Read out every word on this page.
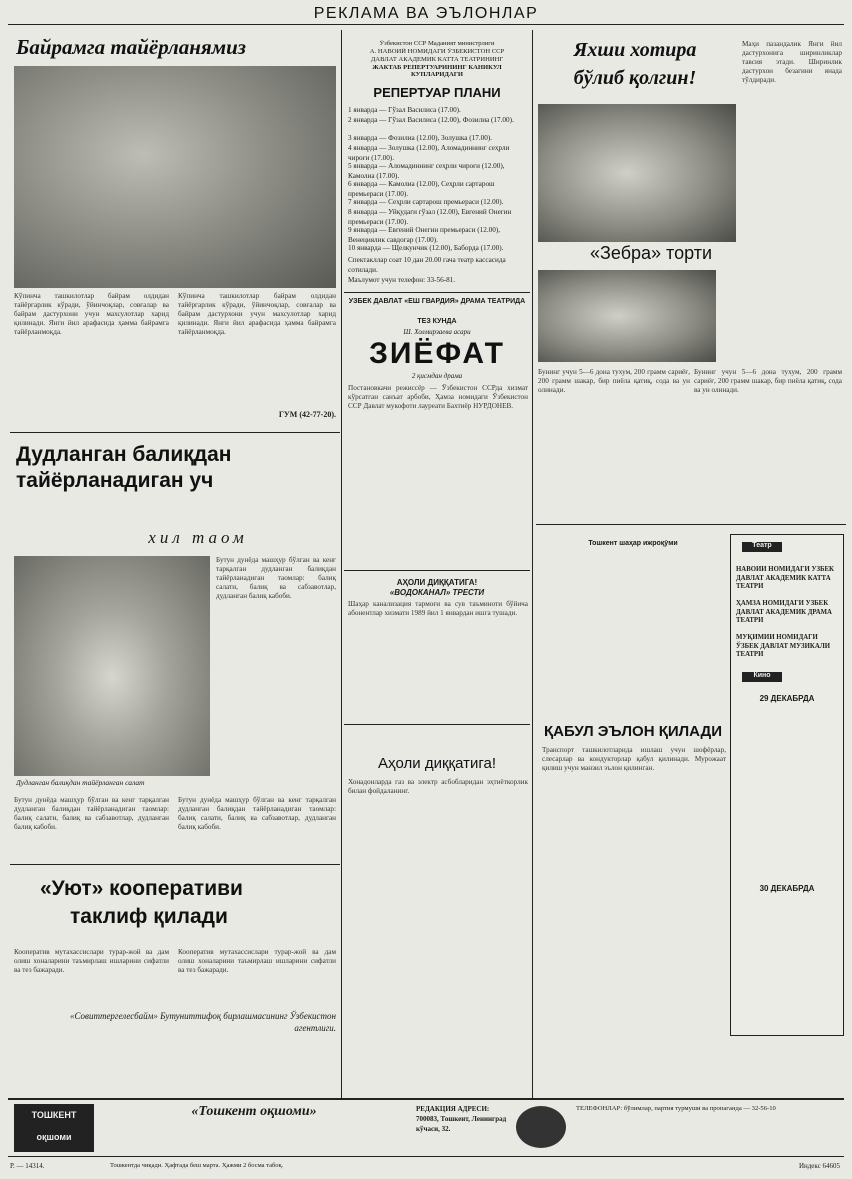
РЕКЛАМА ВА ЭЪЛОНЛАР
Байрамга тайёрланямиз
Кўпинча ташкилотлар байрам олдидан тайёргарлик кўради, ўйинчоқлар, совғалар ва байрам дастурхони учун махсулотлар харид қилинади. Янги йил арафасида ҳамма байрамга тайёрланмоқда.
Кўпинча ташкилотлар байрам олдидан тайёргарлик кўради, ўйинчоқлар, совғалар ва байрам дастурхони учун махсулотлар харид қилинади. Янги йил арафасида ҳамма байрамга тайёрланмоқда.
ГУМ (42-77-20).
Дудланган балиқдан
тайёрланадиган уч
хил таом
Бутун дунёда машҳур бўлган ва кенг тарқалган дудланган балиқдан тайёрланадиган таомлар: балиқ салати, балиқ ва сабзавотлар, дудланган балиқ кабоби.
Дудланган балиқдан тайёрланган салат
Бутун дунёда машҳур бўлган ва кенг тарқалган дудланган балиқдан тайёрланадиган таомлар: балиқ салати, балиқ ва сабзавотлар, дудланган балиқ кабоби.
Бутун дунёда машҳур бўлган ва кенг тарқалган дудланган балиқдан тайёрланадиган таомлар: балиқ салати, балиқ ва сабзавотлар, дудланган балиқ кабоби.
«Уют» кооперативи
таклиф қилади
Кооператив мутахассислари турар-жой ва дам олиш хоналарини таъмирлаш ишларини сифатли ва тез бажаради.
Кооператив мутахассислари турар-жой ва дам олиш хоналарини таъмирлаш ишларини сифатли ва тез бажаради.
«Совиттергелесбайм» Бутуниттифоқ бирлашмасининг Ўзбекистон агентлиги.
Ўзбекистон ССР Маданият министрлиги
А. НАВОИЙ НОМИДАГИ ЎЗБЕКИСТОН ССР
ДАВЛАТ АКАДЕМИК КАТТА ТЕАТРИНИНГ
ЖАКТАБ РЕПЕРТУАРИНИНГ КАНИКУЛ КУПЛАРИДАГИ
РЕПЕРТУАР ПЛАНИ
1 январда — Гўзал Василиса (17.00).
2 январда — Гўзал Василиса (12.00), Фозилиа (17.00).
3 январда — Фозилиа (12.00), Золушка (17.00).
4 январда — Золушка (12.00), Аломадиннинг сеҳрли чироғи (17.00).
5 январда — Аломадиннинг сеҳрли чироғи (12.00), Камолиа (17.00).
6 январда — Камолиа (12.00), Сеҳрли сартарош премьераси (17.00).
7 январда — Сеҳрли сартарош премьераси (12.00).
8 январда — Уйқудаги гўзал (12.00), Евгений Онегин премьераси (17.00).
9 январда — Евгений Онегин премьераси (12.00), Венециялик савдогар (17.00).
10 январда — Щелкунчик (12.00), Баборда (17.00).
Спектакллар соат 10 дан 20.00 гача театр кассасида сотилади.
Маълумот учун телефон: 33-56-81.
УЗБЕК ДАВЛАТ «ЁШ ГВАРДИЯ» ДРАМА ТЕАТРИДА
ТЕЗ КУНДА
Ш. Холмирзаева асари
ЗИЁФАТ
2 қисмдан драма
Постановкачи режиссёр — Ўзбекистон ССРда хизмат кўрсатган санъат арбоби, Ҳамза номидаги Ўзбекистон ССР Давлат мукофоти лауреати Бахтиёр НУРДОНЕВ.
АҲОЛИ ДИҚҚАТИГА!
«ВОДОКАНАЛ» ТРЕСТИ
Шаҳар канализация тармоғи ва сув таъминоти бўйича абонентлар хизмати 1989 йил 1 январдан ишга тушади.
Аҳоли диққатига!
Хонадонларда газ ва электр асбобларидан эҳтиёткорлик билан фойдаланинг.
Яхши хотира
бўлиб қолгин!
Маҳи пазандалик Янги йил дастурхонига ширинликлар тавсия этади. Ширинлик дастурхон безагини янада тўлдиради.
«Зебра» торти
Бунинг учун 5—6 дона тухум, 200 грамм сариёғ, 200 грамм шакар, бир пиёла қатиқ, сода ва ун олинади.
Бунинг учун 5—6 дона тухум, 200 грамм сариёғ, 200 грамм шакар, бир пиёла қатиқ, сода ва ун олинади.
Тошкент шаҳар ижроқўми
ҚАБУЛ ЭЪЛОН ҚИЛАДИ
Транспорт ташкилотларида ишлаш учун шофёрлар, слесарлар ва кондукторлар қабул қилинади. Мурожаат қилиш учун манзил эълон қилинган.
Театр
НАВОИЙ НОМИДАГИ ЎЗБЕК ДАВЛАТ АКАДЕМИК КАТТА ТЕАТРИ
ҲАМЗА НОМИДАГИ ЎЗБЕК ДАВЛАТ АКАДЕМИК ДРАМА ТЕАТРИ
МУҚИМИЙ НОМИДАГИ ЎЗБЕК ДАВЛАТ МУЗИКАЛИ ТЕАТРИ
Кино
29 ДЕКАБРДА
30 ДЕКАБРДА
ТОШКЕНТ оқшоми
«Тошкент оқшоми»	РЕДАКЦИЯ АДРЕСИ: 700083, Тошкент, Ленинград кўчаси, 32.
ТЕЛЕФОНЛАР: бўлимлар, партия турмуши ва пропаганда — 32-56-10
Р. — 14314.	Тошкентда чиқади. Ҳафтада беш марта. Ҳажми 2 босма табоқ.	Индекс 64605
